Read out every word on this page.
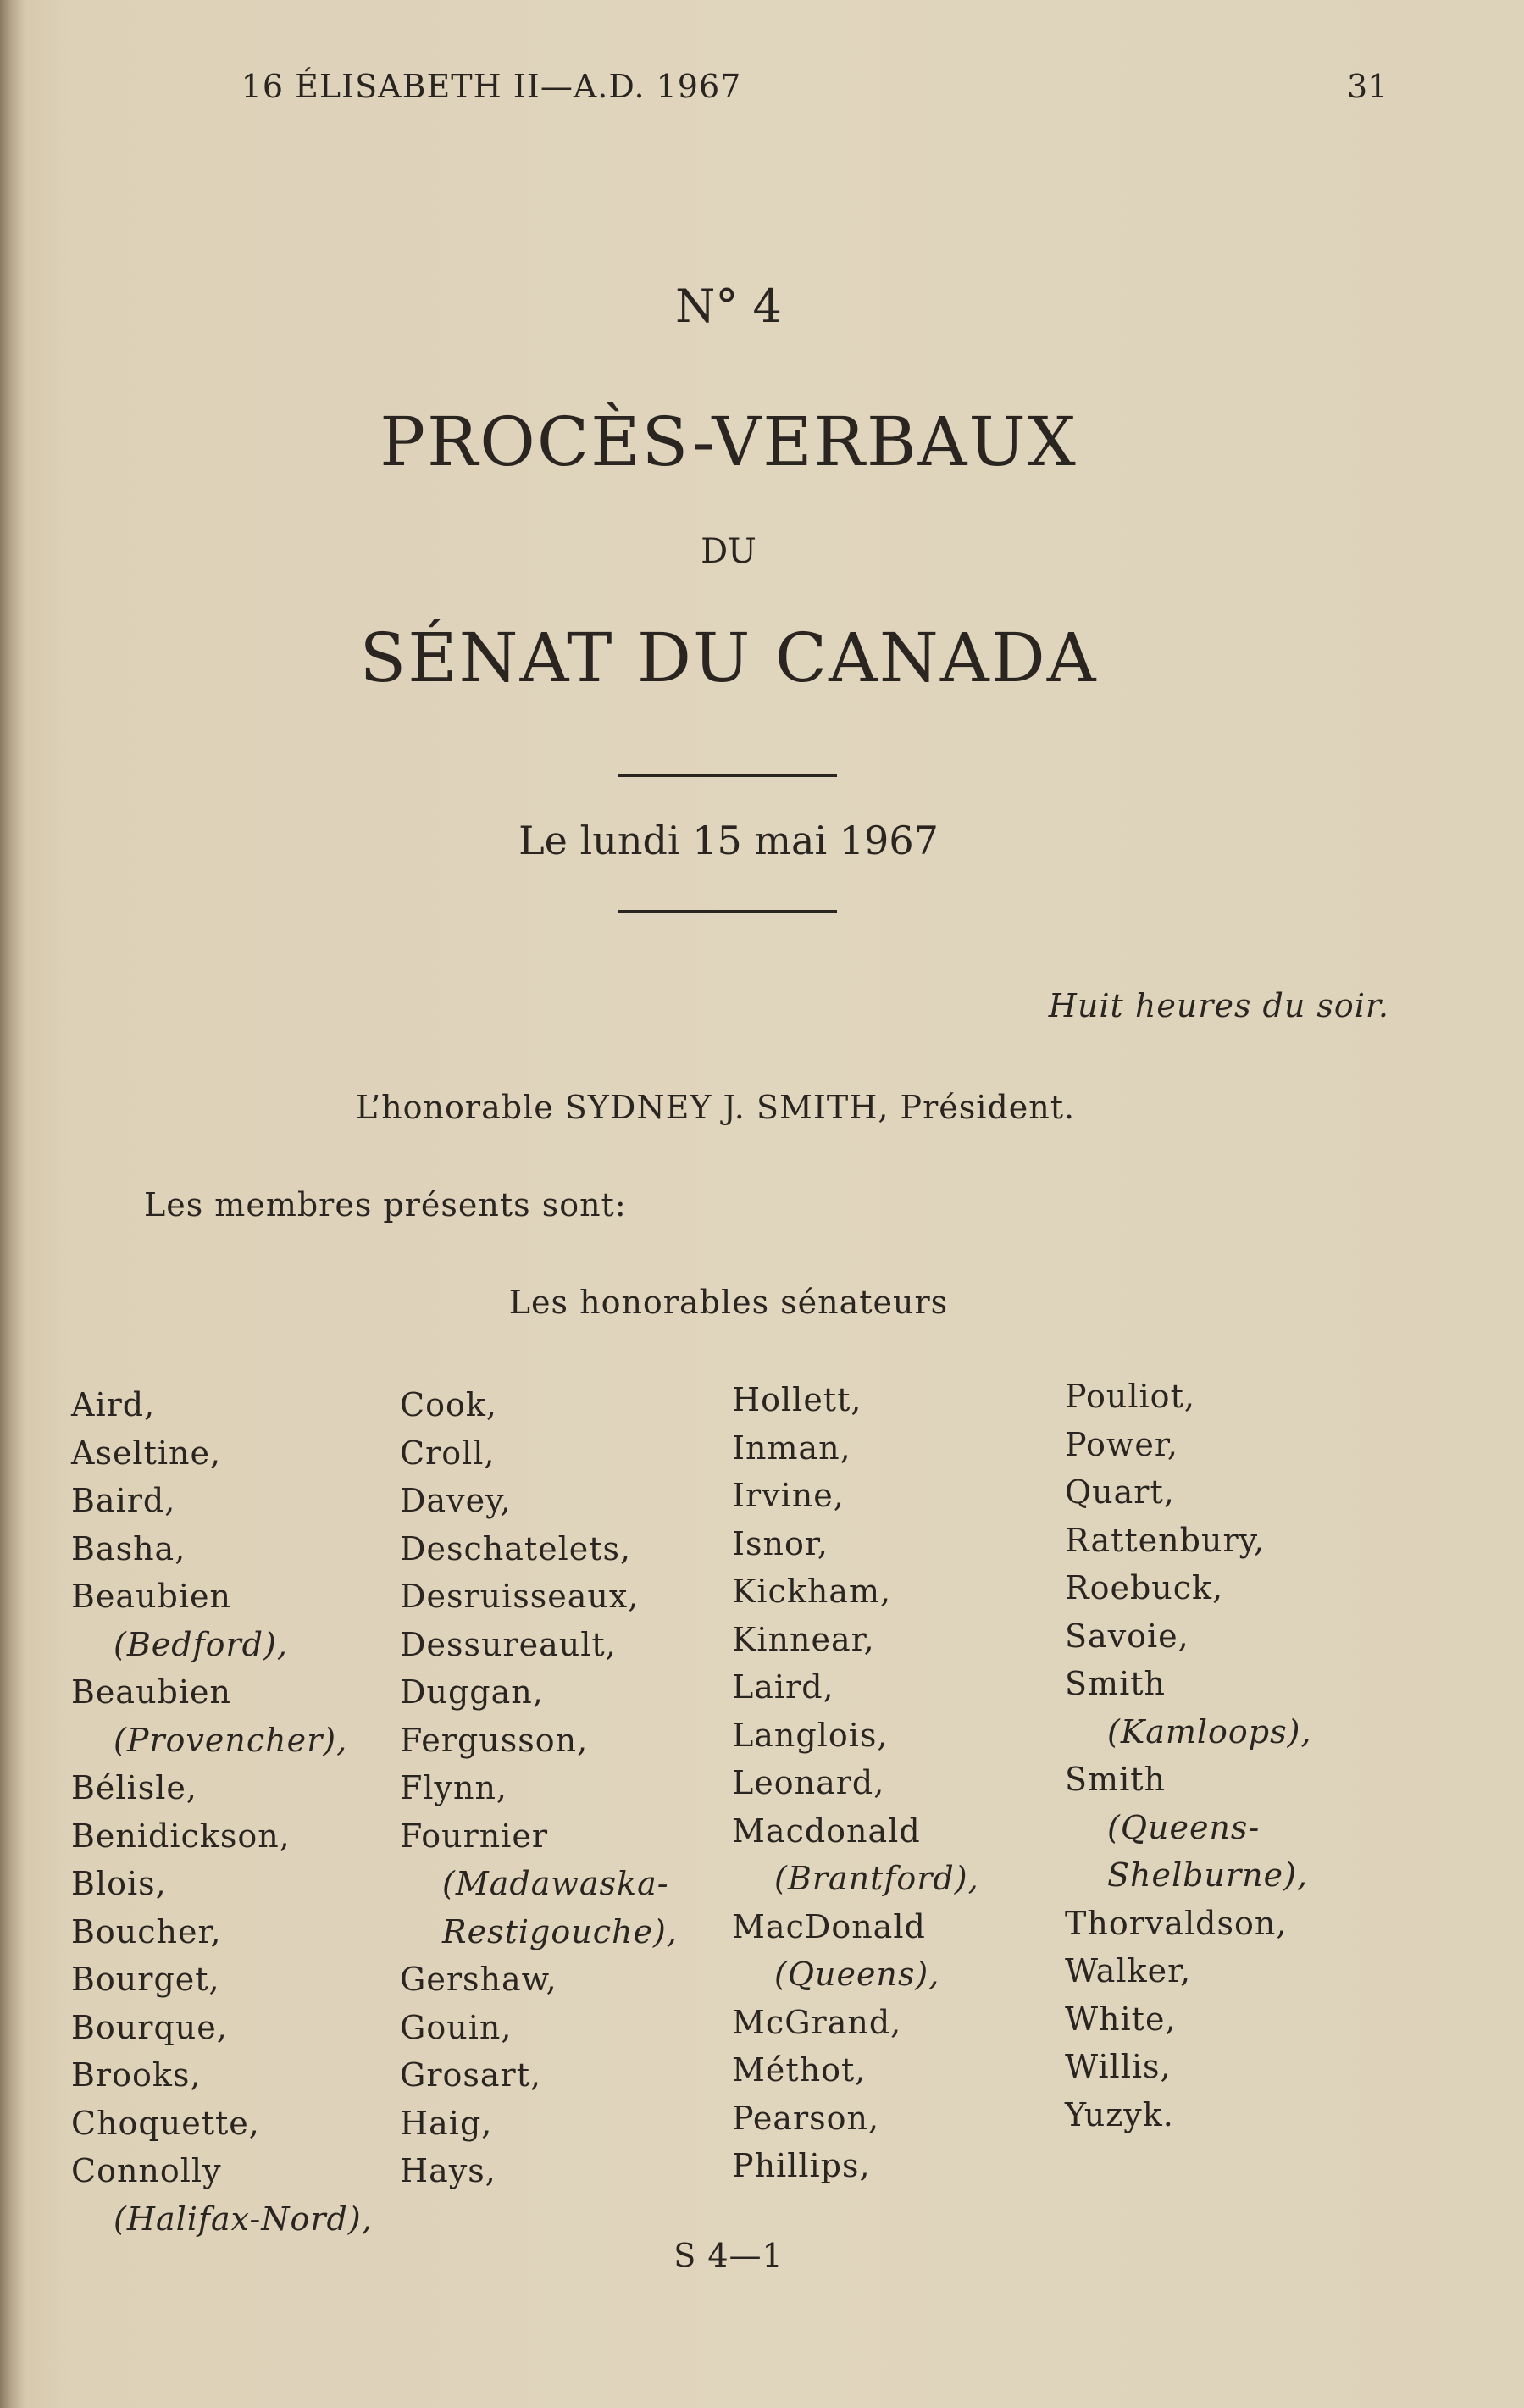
16 ÉLISABETH II—A.D. 1967	31
N° 4
PROCÈS-VERBAUX
DU
SÉNAT DU CANADA
Le lundi 15 mai 1967
Huit heures du soir.
L’honorable SYDNEY J. SMITH, Président.
Les membres présents sont:
Les honorables sénateurs
Aird,
Aseltine,
Baird,
Basha,
Beaubien
(Bedford),
Beaubien
(Provencher),
Bélisle,
Benidickson,
Blois,
Boucher,
Bourget,
Bourque,
Brooks,
Choquette,
Connolly
(Halifax-Nord),
Cook,
Croll,
Davey,
Deschatelets,
Desruisseaux,
Dessureault,
Duggan,
Fergusson,
Flynn,
Fournier
(Madawaska-
Restigouche),
Gershaw,
Gouin,
Grosart,
Haig,
Hays,
Hollett,
Inman,
Irvine,
Isnor,
Kickham,
Kinnear,
Laird,
Langlois,
Leonard,
Macdonald
(Brantford),
MacDonald
(Queens),
McGrand,
Méthot,
Pearson,
Phillips,
Pouliot,
Power,
Quart,
Rattenbury,
Roebuck,
Savoie,
Smith
(Kamloops),
Smith
(Queens-
Shelburne),
Thorvaldson,
Walker,
White,
Willis,
Yuzyk.
S 4—1
